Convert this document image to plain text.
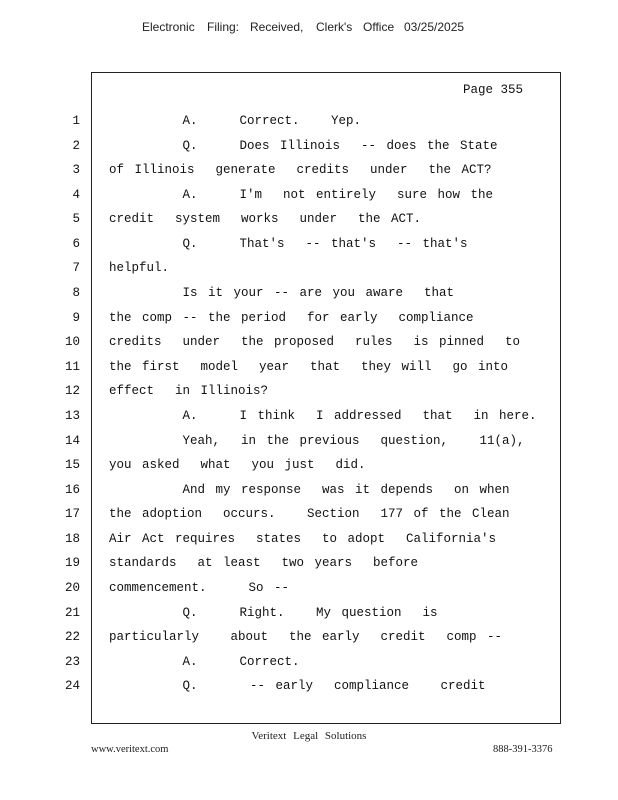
Electronic Filing: Received, Clerk's Office 03/25/2025
Page 355
1 A.    Correct.   Yep.
2 Q.    Does Illinois  -- does the State
3 of Illinois  generate  credits  under  the ACT?
4 A.    I'm  not entirely  sure how the
5 credit  system  works  under  the ACT.
6 Q.    That's  -- that's  -- that's
7 helpful.
8 Is it your -- are you aware  that
9 the comp -- the period  for early  compliance
10 credits  under  the proposed  rules  is pinned  to
11 the first  model  year  that  they will  go into
12 effect  in Illinois?
13 A.    I think  I addressed  that  in here.
14 Yeah,  in the previous  question,   11(a),
15 you asked  what  you just  did.
16 And my response  was it depends  on when
17 the adoption  occurs.   Section  177 of the Clean
18 Air Act requires  states  to adopt  California's
19 standards  at least  two years  before
20 commencement.    So --
21 Q.    Right.   My question  is
22 particularly   about  the early  credit  comp --
23 A.    Correct.
24 Q.     -- early  compliance   credit
Veritext Legal Solutions
www.veritext.com	888-391-3376
